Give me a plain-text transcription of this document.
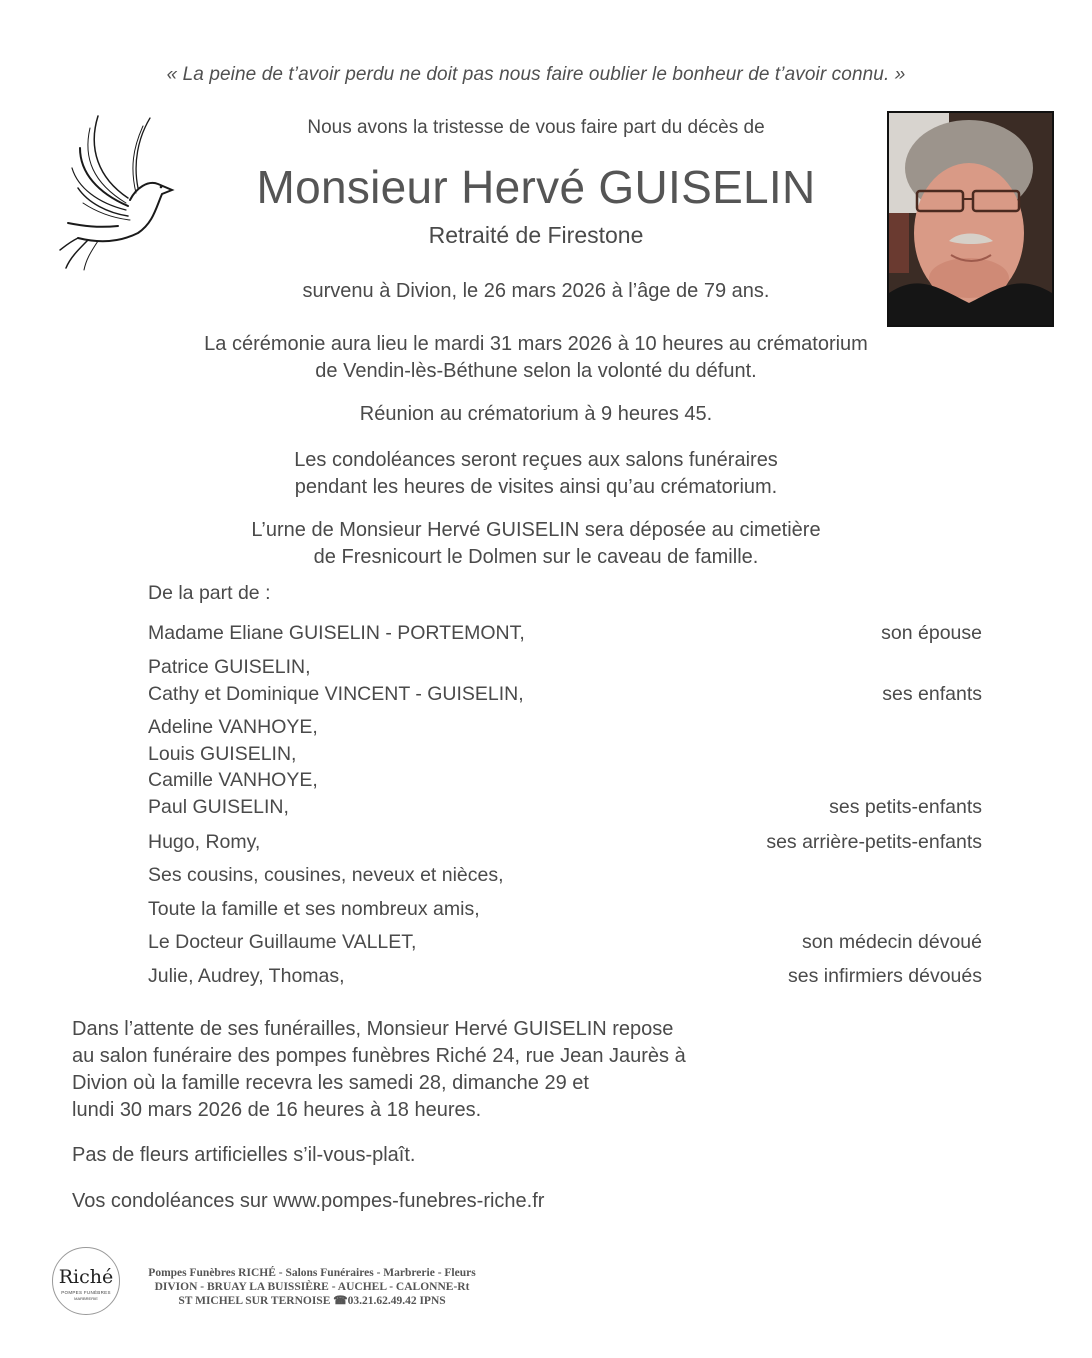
« La peine de t’avoir perdu ne doit pas nous faire oublier le bonheur de t’avoir connu. »
Nous avons la tristesse de vous faire part du décès de
Monsieur Hervé GUISELIN
Retraité de Firestone
survenu à Divion, le 26 mars 2026 à l’âge de 79 ans.
La cérémonie aura lieu le mardi 31 mars 2026 à 10 heures au crématorium
de Vendin-lès-Béthune selon la volonté du défunt.
Réunion au crématorium à 9 heures 45.
Les condoléances seront reçues aux salons funéraires
pendant les heures de visites ainsi qu’au crématorium.
L’urne de Monsieur Hervé GUISELIN sera déposée au cimetière
de Fresnicourt le Dolmen sur le caveau de famille.
De la part de :
Madame Eliane GUISELIN - PORTEMONT,	son épouse
Patrice GUISELIN,
Cathy et Dominique VINCENT - GUISELIN,	ses enfants
Adeline VANHOYE,
Louis GUISELIN,
Camille VANHOYE,
Paul GUISELIN,	ses petits-enfants
Hugo, Romy,	ses arrière-petits-enfants
Ses cousins, cousines, neveux et nièces,
Toute la famille et ses nombreux amis,
Le Docteur Guillaume VALLET,	son médecin dévoué
Julie, Audrey, Thomas,	ses infirmiers dévoués
Dans l’attente de ses funérailles, Monsieur Hervé GUISELIN repose
au salon funéraire des pompes funèbres Riché 24, rue Jean Jaurès à
Divion où la famille recevra les samedi 28, dimanche 29 et
lundi 30 mars 2026 de 16 heures à 18 heures.
Pas de fleurs artificielles s’il-vous-plaît.
Vos condoléances sur www.pompes-funebres-riche.fr
Riché
POMPES FUNÈBRES
MARBRERIE
Pompes Funèbres RICHÉ - Salons Funéraires - Marbrerie - Fleurs
DIVION - BRUAY LA BUISSIÈRE - AUCHEL - CALONNE-Rt
ST MICHEL SUR TERNOISE ☎03.21.62.49.42 IPNS
